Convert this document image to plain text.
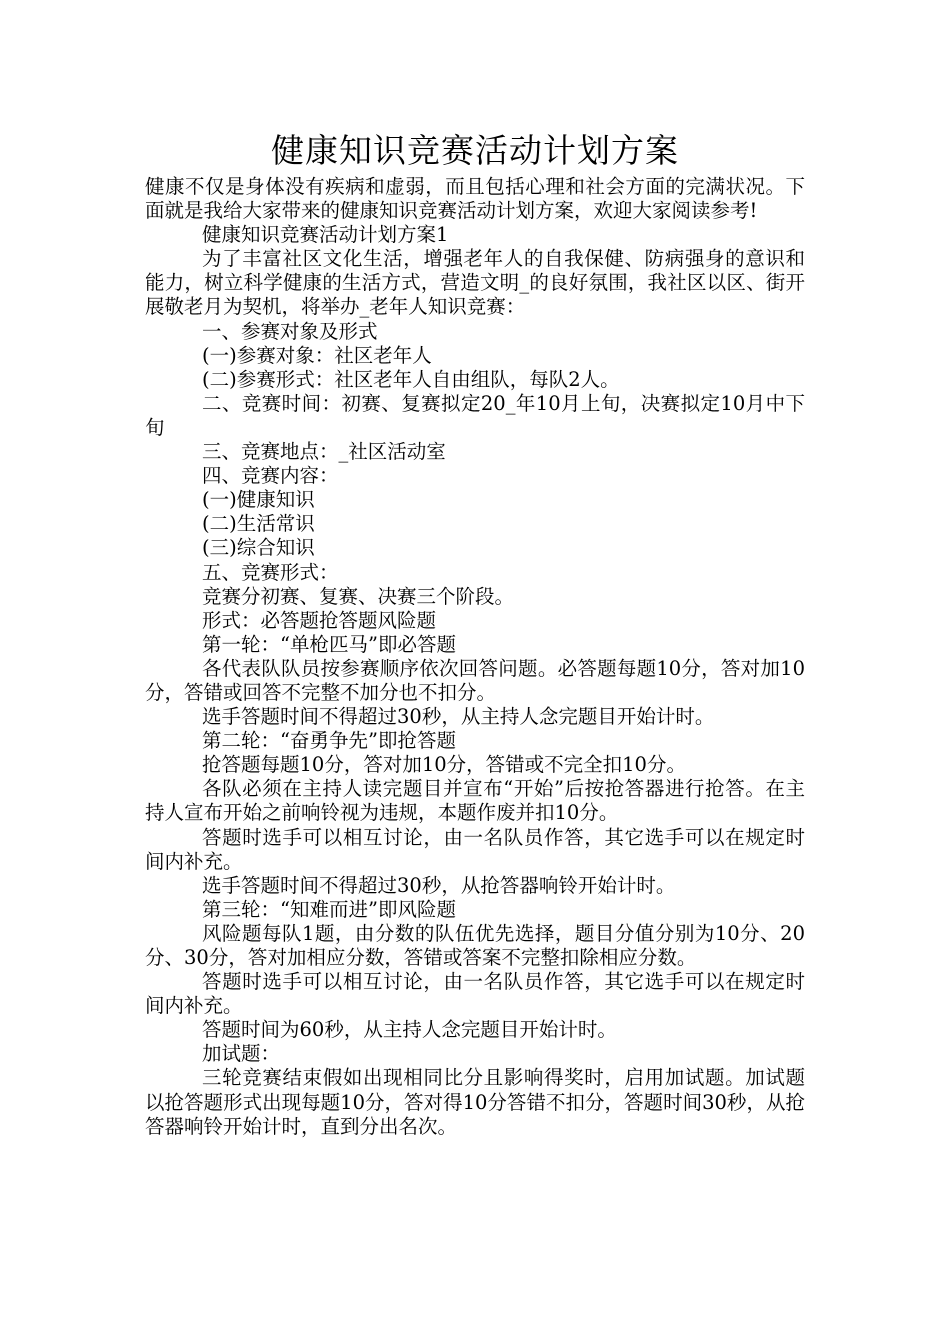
健康知识竞赛活动计划方案

健康不仅是身体没有疾病和虚弱，而且包括心理和社会方面的完满状况。下面就是我给大家带来的健康知识竞赛活动计划方案，欢迎大家阅读参考!

健康知识竞赛活动计划方案1

为了丰富社区文化生活，增强老年人的自我保健、防病强身的意识和能力，树立科学健康的生活方式，营造文明_的良好氛围，我社区以区、街开展敬老月为契机，将举办_老年人知识竞赛：

一、参赛对象及形式

(一)参赛对象：社区老年人

(二)参赛形式：社区老年人自由组队，每队2人。

二、竞赛时间：初赛、复赛拟定20_年10月上旬，决赛拟定10月中下旬

三、竞赛地点：_社区活动室

四、竞赛内容：

(一)健康知识

(二)生活常识

(三)综合知识

五、竞赛形式：

竞赛分初赛、复赛、决赛三个阶段。

形式：必答题抢答题风险题

第一轮：“单枪匹马”即必答题

各代表队队员按参赛顺序依次回答问题。必答题每题10分，答对加10分，答错或回答不完整不加分也不扣分。

选手答题时间不得超过30秒，从主持人念完题目开始计时。

第二轮：“奋勇争先”即抢答题

抢答题每题10分，答对加10分，答错或不完全扣10分。

各队必须在主持人读完题目并宣布“开始”后按抢答器进行抢答。在主持人宣布开始之前响铃视为违规，本题作废并扣10分。

答题时选手可以相互讨论，由一名队员作答，其它选手可以在规定时间内补充。

选手答题时间不得超过30秒，从抢答器响铃开始计时。

第三轮：“知难而进”即风险题

风险题每队1题，由分数的队伍优先选择，题目分值分别为10分、20分、30分，答对加相应分数，答错或答案不完整扣除相应分数。

答题时选手可以相互讨论，由一名队员作答，其它选手可以在规定时间内补充。

答题时间为60秒，从主持人念完题目开始计时。

加试题：

三轮竞赛结束假如出现相同比分且影响得奖时，启用加试题。加试题以抢答题形式出现每题10分，答对得10分答错不扣分，答题时间30秒，从抢答器响铃开始计时，直到分出名次。
